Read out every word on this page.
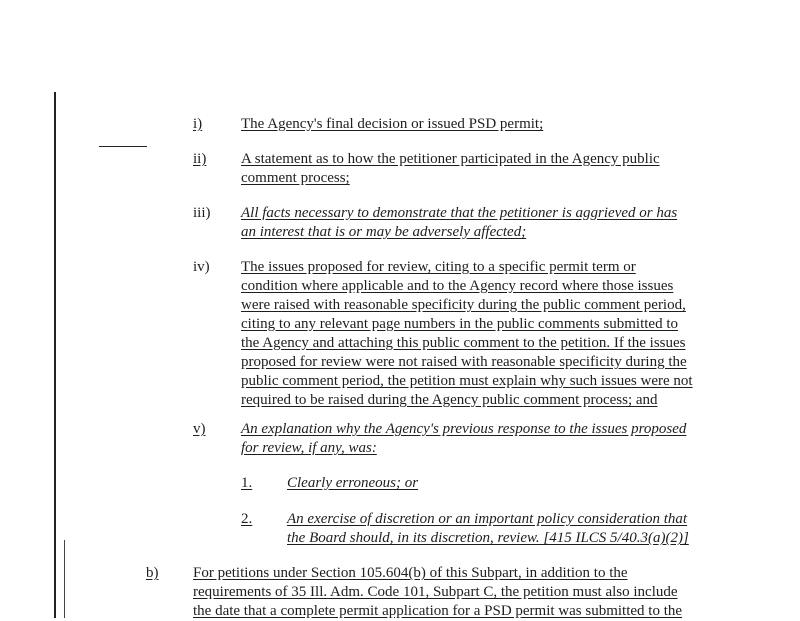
i)	The Agency's final decision or issued PSD permit;
ii) A statement as to how the petitioner participated in the Agency public
comment process;
iii) All facts necessary to demonstrate that the petitioner is aggrieved or has
an interest that is or may be adversely affected;
iv) The issues proposed for review, citing to a specific permit term or
condition where applicable and to the Agency record where those issues
were raised with reasonable specificity during the public comment period,
citing to any relevant page numbers in the public comments submitted to
the Agency and attaching this public comment to the petition. If the issues
proposed for review were not raised with reasonable specificity during the
public comment period, the petition must explain why such issues were not
required to be raised during the Agency public comment process; and
v) An explanation why the Agency's previous response to the issues proposed
for review, if any, was:
1. Clearly erroneous; or
2. An exercise of discretion or an important policy consideration that
the Board should, in its discretion, review. [415 ILCS 5/40.3(a)(2)]
b) For petitions under Section 105.604(b) of this Subpart, in addition to the
requirements of 35 Ill. Adm. Code 101, Subpart C, the petition must also include
the date that a complete permit application for a PSD permit was submitted to the
